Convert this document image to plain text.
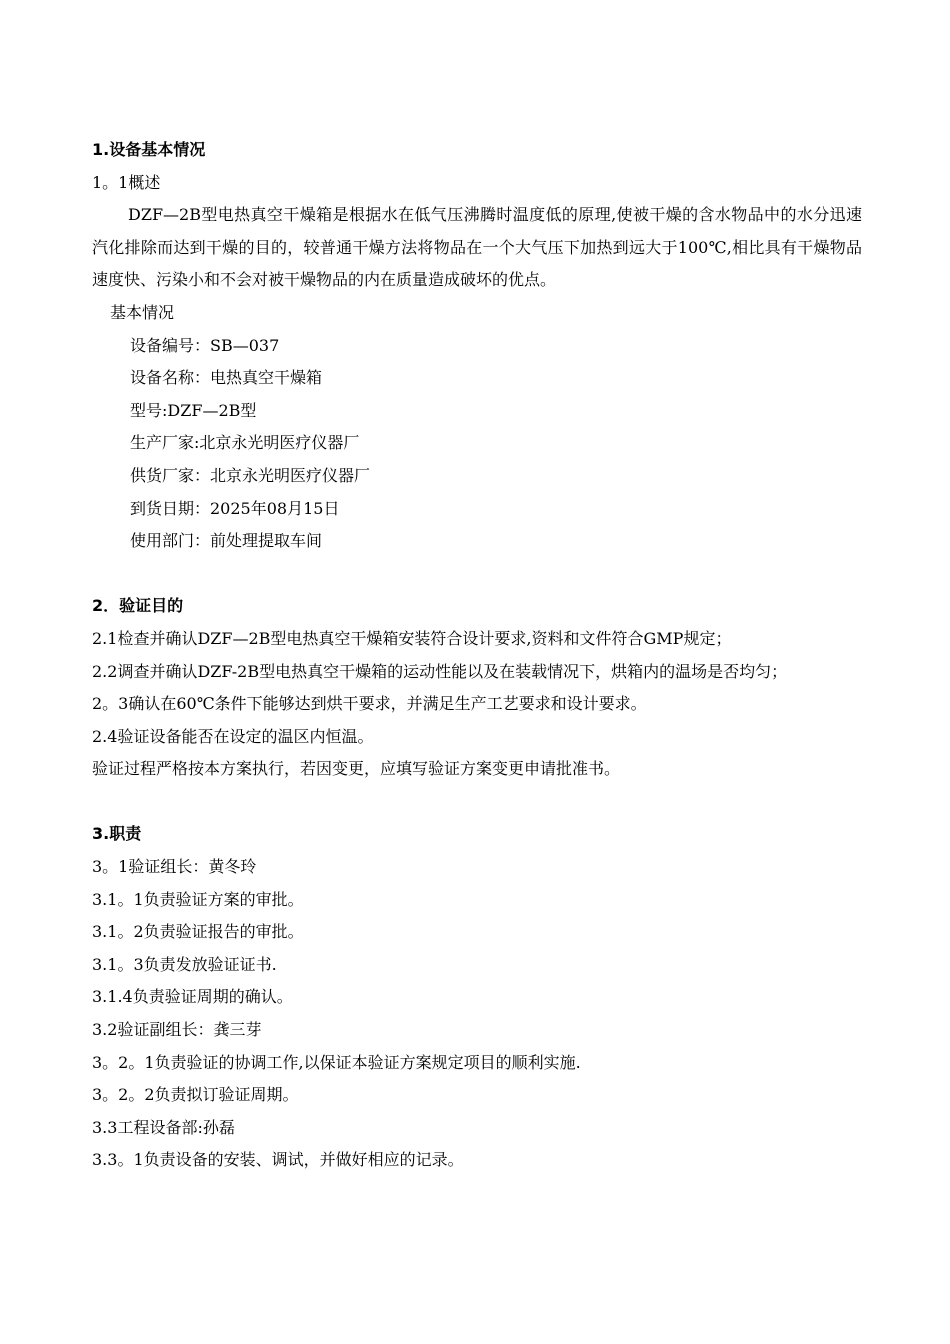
1.设备基本情况
1。1概述
DZF—2B型电热真空干燥箱是根据水在低气压沸腾时温度低的原理,使被干燥的含水物品中的水分迅速汽化排除而达到干燥的目的，较普通干燥方法将物品在一个大气压下加热到远大于100℃,相比具有干燥物品速度快、污染小和不会对被干燥物品的内在质量造成破坏的优点。
基本情况
设备编号：SB—037
设备名称：电热真空干燥箱
型号:DZF—2B型
生产厂家:北京永光明医疗仪器厂
供货厂家：北京永光明医疗仪器厂
到货日期：2025年08月15日
使用部门：前处理提取车间
2．验证目的
2.1检查并确认DZF—2B型电热真空干燥箱安装符合设计要求,资料和文件符合GMP规定；
2.2调查并确认DZF-2B型电热真空干燥箱的运动性能以及在装载情况下，烘箱内的温场是否均匀；
2。3确认在60℃条件下能够达到烘干要求，并满足生产工艺要求和设计要求。
2.4验证设备能否在设定的温区内恒温。
验证过程严格按本方案执行，若因变更，应填写验证方案变更申请批准书。
3.职责
3。1验证组长：黄冬玲
3.1。1负责验证方案的审批。
3.1。2负责验证报告的审批。
3.1。3负责发放验证证书.
3.1.4负责验证周期的确认。
3.2验证副组长：龚三芽
3。2。1负责验证的协调工作,以保证本验证方案规定项目的顺利实施.
3。2。2负责拟订验证周期。
3.3工程设备部:孙磊
3.3。1负责设备的安装、调试，并做好相应的记录。
